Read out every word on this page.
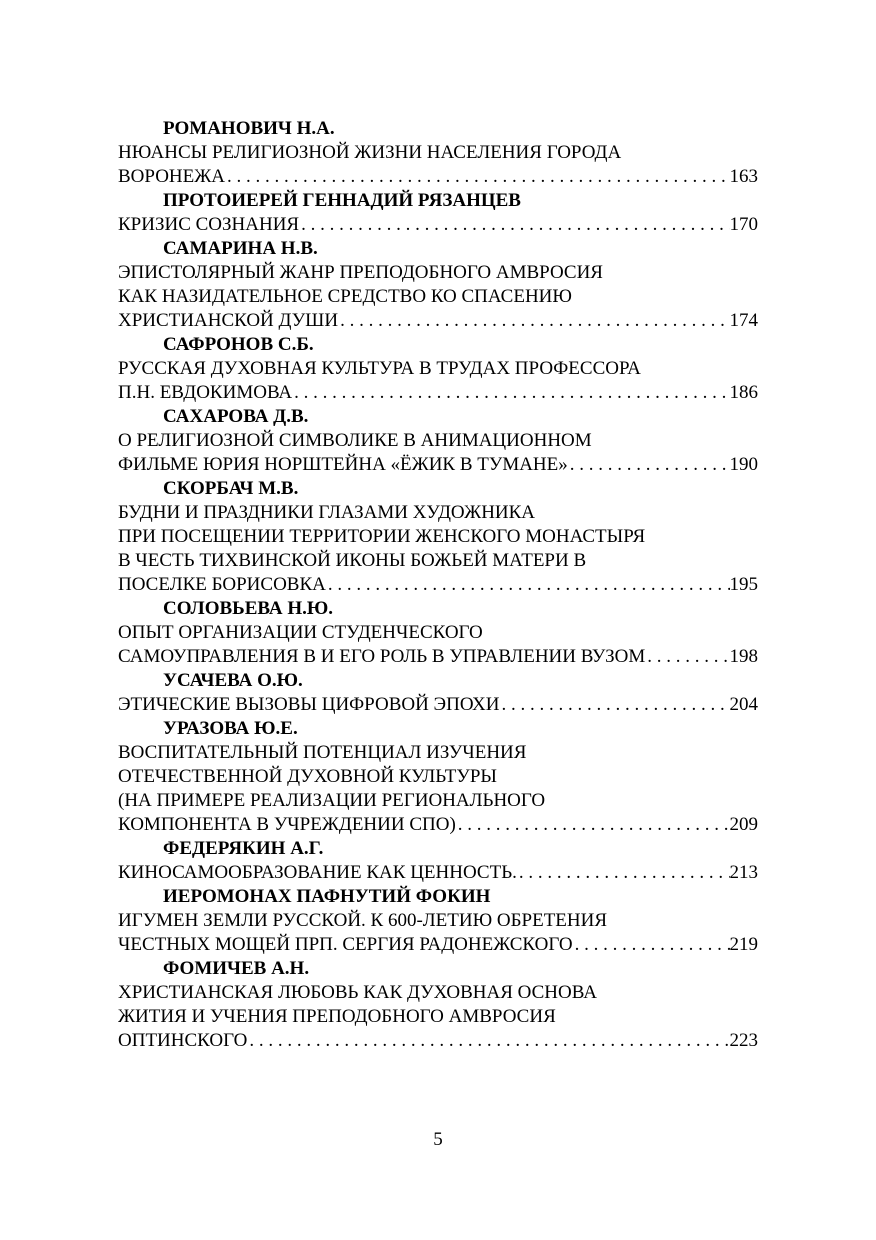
РОМАНОВИЧ Н.А.
НЮАНСЫ РЕЛИГИОЗНОЙ ЖИЗНИ НАСЕЛЕНИЯ ГОРОДА
ВОРОНЕЖА . . .	163
ПРОТОИЕРЕЙ ГЕННАДИЙ РЯЗАНЦЕВ
КРИЗИС СОЗНАНИЯ . . .	170
САМАРИНА Н.В.
ЭПИСТОЛЯРНЫЙ ЖАНР ПРЕПОДОБНОГО АМВРОСИЯ
КАК НАЗИДАТЕЛЬНОЕ СРЕДСТВО КО СПАСЕНИЮ
ХРИСТИАНСКОЙ ДУШИ . . .	174
САФРОНОВ С.Б.
РУССКАЯ ДУХОВНАЯ КУЛЬТУРА В ТРУДАХ ПРОФЕССОРА
П.Н. ЕВДОКИМОВА . . .	186
САХАРОВА Д.В.
О РЕЛИГИОЗНОЙ СИМВОЛИКЕ В АНИМАЦИОННОМ
ФИЛЬМЕ ЮРИЯ НОРШТЕЙНА «ЁЖИК В ТУМАНЕ» . . .	190
СКОРБАЧ М.В.
БУДНИ И ПРАЗДНИКИ ГЛАЗАМИ ХУДОЖНИКА
ПРИ ПОСЕЩЕНИИ ТЕРРИТОРИИ ЖЕНСКОГО МОНАСТЫРЯ
В ЧЕСТЬ ТИХВИНСКОЙ ИКОНЫ БОЖЬЕЙ МАТЕРИ В
ПОСЕЛКЕ БОРИСОВКА . . .	195
СОЛОВЬЕВА Н.Ю.
ОПЫТ ОРГАНИЗАЦИИ СТУДЕНЧЕСКОГО
САМОУПРАВЛЕНИЯ В И ЕГО РОЛЬ В УПРАВЛЕНИИ ВУЗОМ . . .	198
УСАЧЕВА О.Ю.
ЭТИЧЕСКИЕ ВЫЗОВЫ ЦИФРОВОЙ ЭПОХИ . . .	204
УРАЗОВА Ю.Е.
ВОСПИТАТЕЛЬНЫЙ ПОТЕНЦИАЛ ИЗУЧЕНИЯ
ОТЕЧЕСТВЕННОЙ ДУХОВНОЙ КУЛЬТУРЫ
(НА ПРИМЕРЕ РЕАЛИЗАЦИИ РЕГИОНАЛЬНОГО
КОМПОНЕНТА В УЧРЕЖДЕНИИ СПО) . . .	209
ФЕДЕРЯКИН А.Г.
КИНОСАМООБРАЗОВАНИЕ КАК ЦЕННОСТЬ. . . .	213
ИЕРОМОНАХ ПАФНУТИЙ ФОКИН
ИГУМЕН ЗЕМЛИ РУССКОЙ. К 600-ЛЕТИЮ ОБРЕТЕНИЯ
ЧЕСТНЫХ МОЩЕЙ ПРП. СЕРГИЯ РАДОНЕЖСКОГО . . .	219
ФОМИЧЕВ А.Н.
ХРИСТИАНСКАЯ ЛЮБОВЬ КАК ДУХОВНАЯ ОСНОВА
ЖИТИЯ И УЧЕНИЯ ПРЕПОДОБНОГО АМВРОСИЯ
ОПТИНСКОГО . . .	223
5
